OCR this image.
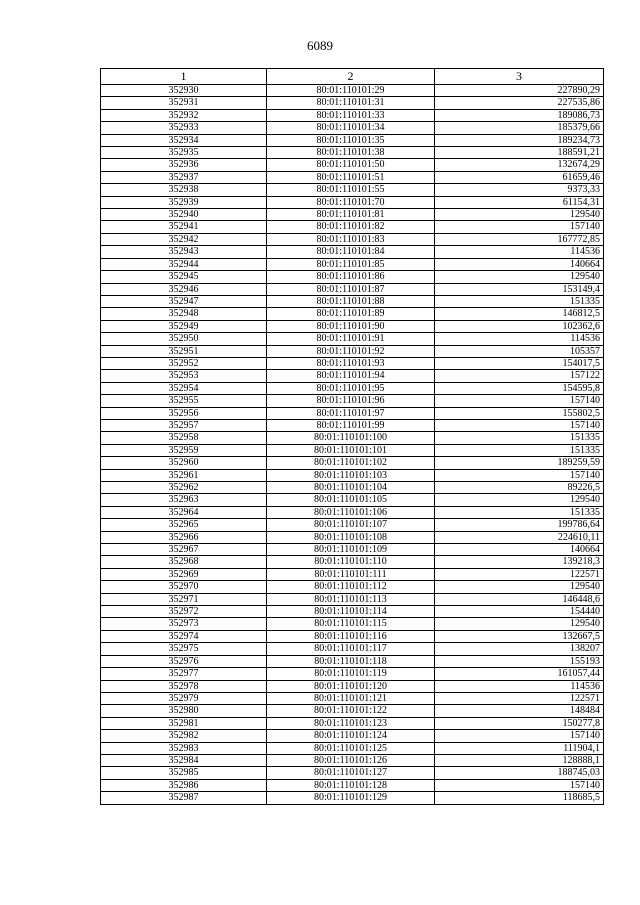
6089
1	2	3
352930	80:01:110101:29	227890,29
352931	80:01:110101:31	227535,86
352932	80:01:110101:33	189086,73
352933	80:01:110101:34	185379,66
352934	80:01:110101:35	189234,73
352935	80:01:110101:38	188591,21
352936	80:01:110101:50	132674,29
352937	80:01:110101:51	61659,46
352938	80:01:110101:55	9373,33
352939	80:01:110101:70	61154,31
352940	80:01:110101:81	129540
352941	80:01:110101:82	157140
352942	80:01:110101:83	167772,85
352943	80:01:110101:84	114536
352944	80:01:110101:85	140664
352945	80:01:110101:86	129540
352946	80:01:110101:87	153149,4
352947	80:01:110101:88	151335
352948	80:01:110101:89	146812,5
352949	80:01:110101:90	102362,6
352950	80:01:110101:91	114536
352951	80:01:110101:92	105357
352952	80:01:110101:93	154017,5
352953	80:01:110101:94	157122
352954	80:01:110101:95	154595,8
352955	80:01:110101:96	157140
352956	80:01:110101:97	155802,5
352957	80:01:110101:99	157140
352958	80:01:110101:100	151335
352959	80:01:110101:101	151335
352960	80:01:110101:102	189259,59
352961	80:01:110101:103	157140
352962	80:01:110101:104	89226,5
352963	80:01:110101:105	129540
352964	80:01:110101:106	151335
352965	80:01:110101:107	199786,64
352966	80:01:110101:108	224610,11
352967	80:01:110101:109	140664
352968	80:01:110101:110	139218,3
352969	80:01:110101:111	122571
352970	80:01:110101:112	129540
352971	80:01:110101:113	146448,6
352972	80:01:110101:114	154440
352973	80:01:110101:115	129540
352974	80:01:110101:116	132667,5
352975	80:01:110101:117	138207
352976	80:01:110101:118	155193
352977	80:01:110101:119	161057,44
352978	80:01:110101:120	114536
352979	80:01:110101:121	122571
352980	80:01:110101:122	148484
352981	80:01:110101:123	150277,8
352982	80:01:110101:124	157140
352983	80:01:110101:125	111904,1
352984	80:01:110101:126	128888,1
352985	80:01:110101:127	188745,03
352986	80:01:110101:128	157140
352987	80:01:110101:129	118685,5
